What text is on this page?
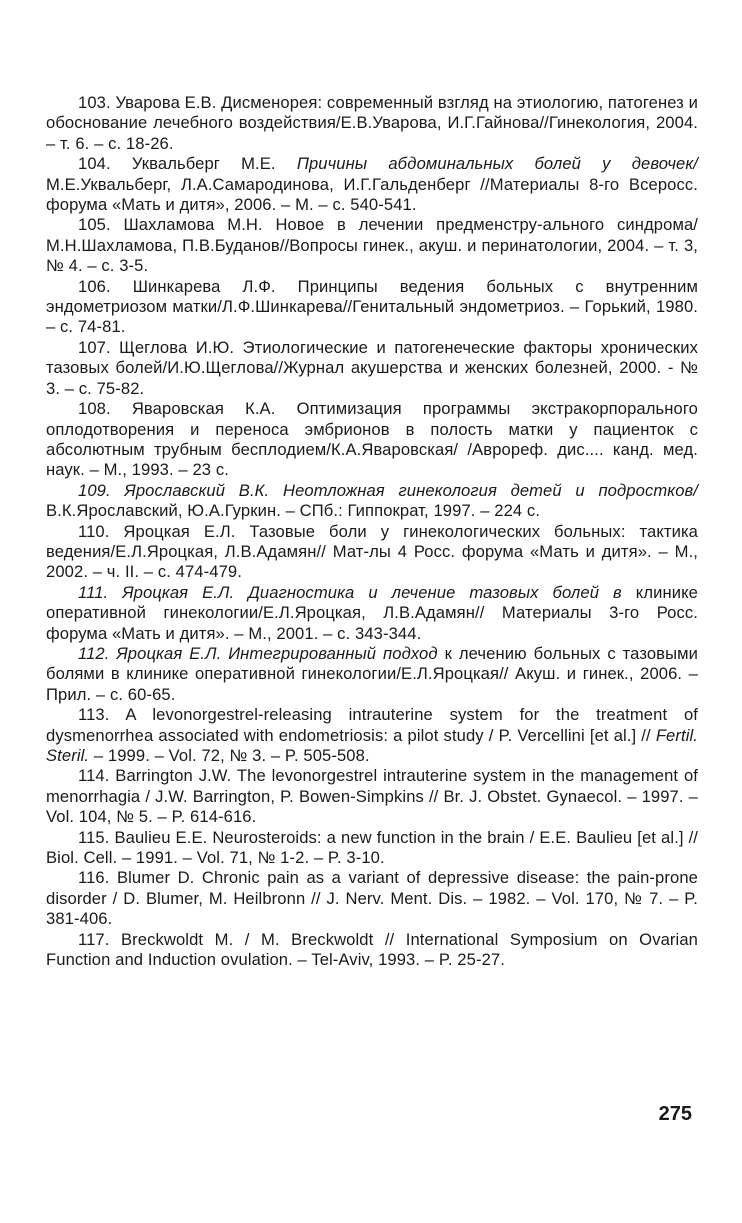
103. Уварова Е.В. Дисменорея: современный взгляд на этиологию, патогенез и обоснование лечебного воздействия/Е.В.Уварова, И.Г.Гайнова//Гинекология, 2004. – т. 6. – с. 18-26.

104. Уквальберг М.Е. Причины абдоминальных болей у девочек/ М.Е.Уквальберг, Л.А.Самародинова, И.Г.Гальденберг //Материалы 8-го Всеросс. форума «Мать и дитя», 2006. – М. – с. 540-541.

105. Шахламова М.Н. Новое в лечении предменстру-ального синдрома/М.Н.Шахламова, П.В.Буданов//Вопросы гинек., акуш. и перинатологии, 2004. – т. 3, № 4. – с. 3-5.

106. Шинкарева Л.Ф. Принципы ведения больных с внутренним эндометриозом матки/Л.Ф.Шинкарева//Генитальный эндометриоз. – Горький, 1980. – с. 74-81.

107. Щеглова И.Ю. Этиологические и патогенеческие факторы хронических тазовых болей/И.Ю.Щеглова//Журнал акушерства и женских болезней, 2000. - № 3. – с. 75-82.

108. Яваровская К.А. Оптимизация программы экстракорпорального оплодотворения и переноса эмбрионов в полость матки у пациенток с абсолютным трубным бесплодием/К.А.Яваровская/ /Аврореф. дис.... канд. мед. наук. – М., 1993. – 23 с.

109. Ярославский В.К. Неотложная гинекология детей и подростков/ В.К.Ярославский, Ю.А.Гуркин. – СПб.: Гиппократ, 1997. – 224 с.

110. Яроцкая Е.Л. Тазовые боли у гинекологических больных: тактика ведения/Е.Л.Яроцкая, Л.В.Адамян// Мат-лы 4 Росс. форума «Мать и дитя». – М., 2002. – ч. II. – с. 474-479.

111. Яроцкая Е.Л. Диагностика и лечение тазовых болей в клинике оперативной гинекологии/Е.Л.Яроцкая, Л.В.Адамян// Материалы 3-го Росс. форума «Мать и дитя». – М., 2001. – с. 343-344.

112. Яроцкая Е.Л. Интегрированный подход к лечению больных с тазовыми болями в клинике оперативной гинекологии/Е.Л.Яроцкая// Акуш. и гинек., 2006. – Прил. – с. 60-65.

113. A levonorgestrel-releasing intrauterine system for the treatment of dysmenorrhea associated with endometriosis: a pilot study / P. Vercellini [et al.] // Fertil. Steril. – 1999. – Vol. 72, № 3. – P. 505-508.

114. Barrington J.W. The levonorgestrel intrauterine system in the management of menorrhagia / J.W. Barrington, P. Bowen-Simpkins // Br. J. Obstet. Gynaecol. – 1997. – Vol. 104, № 5. – P. 614-616.

115. Baulieu E.E. Neurosteroids: a new function in the brain / E.E. Baulieu [et al.] // Biol. Cell. – 1991. – Vol. 71, № 1-2. – P. 3-10.

116. Blumer D. Chronic pain as a variant of depressive disease: the pain-prone disorder / D. Blumer, M. Heilbronn // J. Nerv. Ment. Dis. – 1982. – Vol. 170, № 7. – P. 381-406.

117. Breckwoldt M. / M. Breckwoldt // International Symposium on Ovarian Function and Induction ovulation. – Tel-Aviv, 1993. – P. 25-27.

275
